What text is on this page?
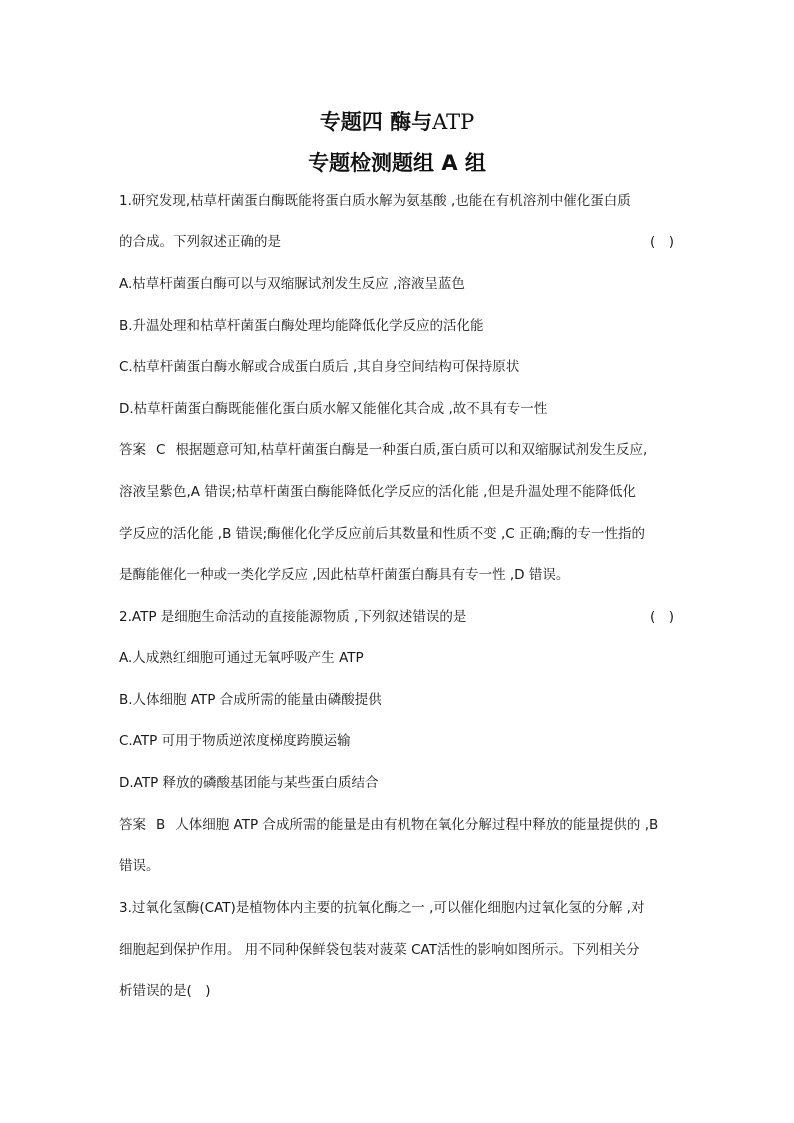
专题四 酶与ATP
专题检测题组 A 组
1.研究发现,枯草杆菌蛋白酶既能将蛋白质水解为氨基酸 ,也能在有机溶剂中催化蛋白质
的合成。下列叙述正确的是	(　)
A.枯草杆菌蛋白酶可以与双缩脲试剂发生反应 ,溶液呈蓝色
B.升温处理和枯草杆菌蛋白酶处理均能降低化学反应的活化能
C.枯草杆菌蛋白酶水解或合成蛋白质后 ,其自身空间结构可保持原状
D.枯草杆菌蛋白酶既能催化蛋白质水解又能催化其合成 ,故不具有专一性
答案 C 根据题意可知,枯草杆菌蛋白酶是一种蛋白质,蛋白质可以和双缩脲试剂发生反应,
溶液呈紫色,A 错误;枯草杆菌蛋白酶能降低化学反应的活化能 ,但是升温处理不能降低化
学反应的活化能 ,B 错误;酶催化化学反应前后其数量和性质不变 ,C 正确;酶的专一性指的
是酶能催化一种或一类化学反应 ,因此枯草杆菌蛋白酶具有专一性 ,D 错误。
2.ATP 是细胞生命活动的直接能源物质 ,下列叙述错误的是	(　)
A.人成熟红细胞可通过无氧呼吸产生 ATP
B.人体细胞 ATP 合成所需的能量由磷酸提供
C.ATP 可用于物质逆浓度梯度跨膜运输
D.ATP 释放的磷酸基团能与某些蛋白质结合
答案 B 人体细胞 ATP 合成所需的能量是由有机物在氧化分解过程中释放的能量提供的 ,B
错误。
3.过氧化氢酶(CAT)是植物体内主要的抗氧化酶之一 ,可以催化细胞内过氧化氢的分解 ,对
细胞起到保护作用。 用不同种保鲜袋包装对菠菜 CAT活性的影响如图所示。下列相关分
析错误的是(　)
